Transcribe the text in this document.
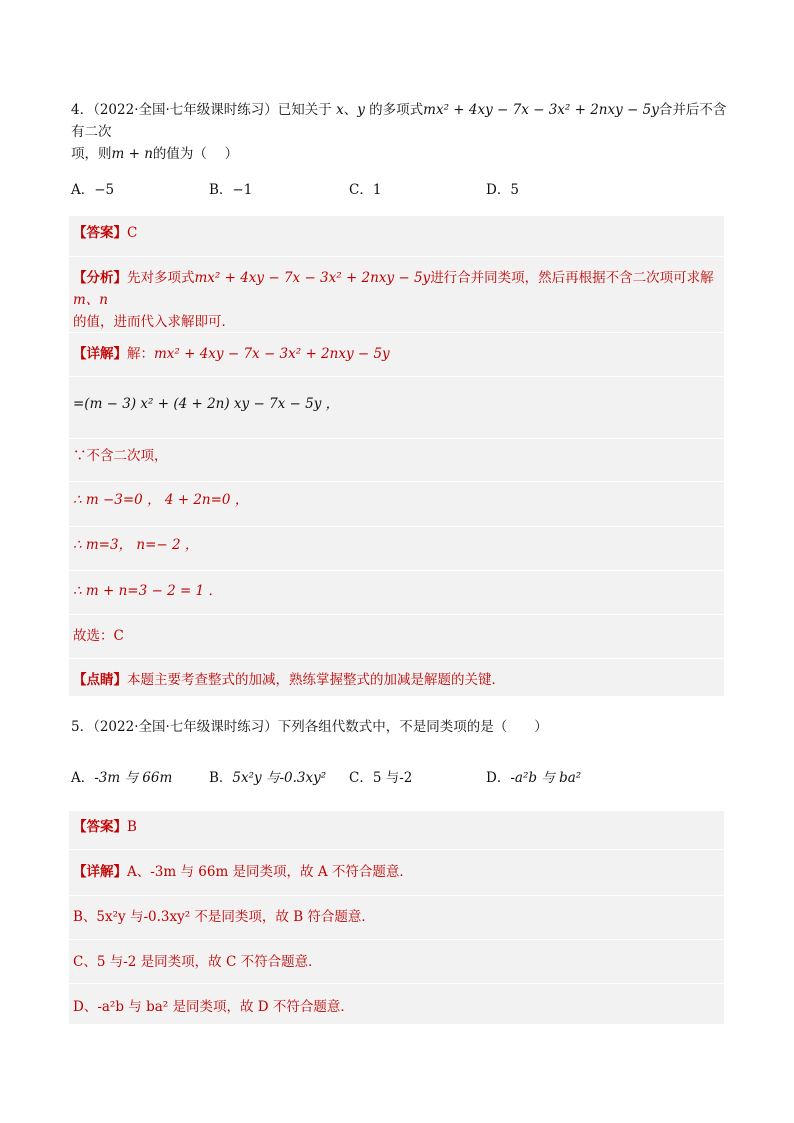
4．（2022·全国·七年级课时练习）已知关于 x、y 的多项式mx² + 4xy − 7x − 3x² + 2nxy − 5y合并后不含有二次
项，则m + n的值为（　 ）
A．−5	B．−1	C．1	D．5
【答案】C
【分析】先对多项式mx² + 4xy − 7x − 3x² + 2nxy − 5y进行合并同类项，然后再根据不含二次项可求解 m、n
的值，进而代入求解即可．
【详解】解：mx² + 4xy − 7x − 3x² + 2nxy − 5y
=(m − 3) x² + (4 + 2n) xy − 7x − 5y ，
∵不含二次项，
∴ m −3=0 ， 4 + 2n=0 ，
∴ m=3， n=− 2 ，
∴ m + n=3 − 2 = 1 ．
故选：C
【点睛】本题主要考查整式的加减，熟练掌握整式的加减是解题的关键．
5．（2022·全国·七年级课时练习）下列各组代数式中，不是同类项的是（　　）
A．-3m 与 66m	B．5x²y 与-0.3xy² C．5 与-2	D．-a²b 与 ba²
【答案】B
【详解】A、-3m 与 66m 是同类项，故 A 不符合题意．
B、5x²y 与-0.3xy² 不是同类项，故 B 符合题意．
C、5 与-2 是同类项，故 C 不符合题意．
D、-a²b 与 ba² 是同类项，故 D 不符合题意．
